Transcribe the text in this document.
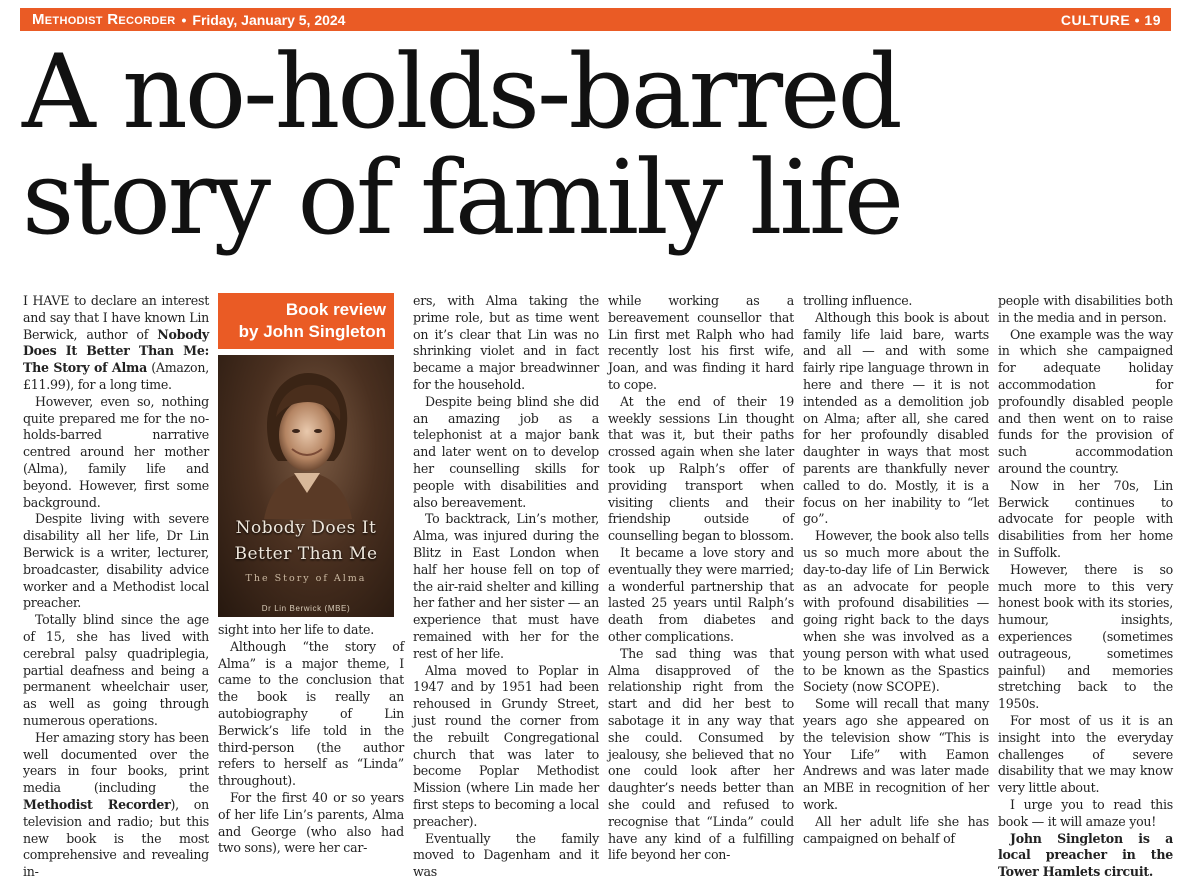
Methodist Recorder • Friday, January 5, 2024	CULTURE • 19
A no-holds-barred
story of family life

I HAVE to declare an interest and say that I have known Lin Berwick, author of Nobody Does It Better Than Me: The Story of Alma (Amazon, £11.99), for a long time.

However, even so, nothing quite prepared me for the no-holds-barred narrative centred around her mother (Alma), family life and beyond. However, first some background.

Despite living with severe disability all her life, Dr Lin Berwick is a writer, lecturer, broadcaster, disability advice worker and a Methodist local preacher.

Totally blind since the age of 15, she has lived with cerebral palsy quadriplegia, partial deafness and being a permanent wheelchair user, as well as going through numerous operations.

Her amazing story has been well documented over the years in four books, print media (including the Methodist Recorder), on television and radio; but this new book is the most comprehensive and revealing in-

Book review
by John Singleton
Nobody Does It
Better Than Me
The Story of Alma
Dr Lin Berwick (MBE)

sight into her life to date.

Although “the story of Alma” is a major theme, I came to the conclusion that the book is really an autobiography of Lin Berwick’s life told in the third-person (the author refers to herself as “Linda” throughout).

For the first 40 or so years of her life Lin’s parents, Alma and George (who also had two sons), were her car-

ers, with Alma taking the prime role, but as time went on it’s clear that Lin was no shrinking violet and in fact became a major breadwinner for the household.

Despite being blind she did an amazing job as a telephonist at a major bank and later went on to develop her counselling skills for people with disabilities and also bereavement.

To backtrack, Lin’s mother, Alma, was injured during the Blitz in East London when half her house fell on top of the air-raid shelter and killing her father and her sister — an experience that must have remained with her for the rest of her life.

Alma moved to Poplar in 1947 and by 1951 had been rehoused in Grundy Street, just round the corner from the rebuilt Congregational church that was later to become Poplar Methodist Mission (where Lin made her first steps to becoming a local preacher).

Eventually the family moved to Dagenham and it was

while working as a bereavement counsellor that Lin first met Ralph who had recently lost his first wife, Joan, and was finding it hard to cope.

At the end of their 19 weekly sessions Lin thought that was it, but their paths crossed again when she later took up Ralph’s offer of providing transport when visiting clients and their friendship outside of counselling began to blossom.

It became a love story and eventually they were married; a wonderful partnership that lasted 25 years until Ralph’s death from diabetes and other complications.

The sad thing was that Alma disapproved of the relationship right from the start and did her best to sabotage it in any way that she could. Consumed by jealousy, she believed that no one could look after her daughter’s needs better than she could and refused to recognise that “Linda” could have any kind of a fulfilling life beyond her con-

trolling influence.

Although this book is about family life laid bare, warts and all — and with some fairly ripe language thrown in here and there — it is not intended as a demolition job on Alma; after all, she cared for her profoundly disabled daughter in ways that most parents are thankfully never called to do. Mostly, it is a focus on her inability to “let go”.

However, the book also tells us so much more about the day-to-day life of Lin Berwick as an advocate for people with profound disabilities — going right back to the days when she was involved as a young person with what used to be known as the Spastics Society (now SCOPE).

Some will recall that many years ago she appeared on the television show “This is Your Life” with Eamon Andrews and was later made an MBE in recognition of her work.

All her adult life she has campaigned on behalf of

people with disabilities both in the media and in person.

One example was the way in which she campaigned for adequate holiday accommodation for profoundly disabled people and then went on to raise funds for the provision of such accommodation around the country.

Now in her 70s, Lin Berwick continues to advocate for people with disabilities from her home in Suffolk.

However, there is so much more to this very honest book with its stories, humour, insights, experiences (sometimes outrageous, sometimes painful) and memories stretching back to the 1950s.

For most of us it is an insight into the everyday challenges of severe disability that we may know very little about.

I urge you to read this book — it will amaze you!

John Singleton is a local preacher in the Tower Hamlets circuit.
